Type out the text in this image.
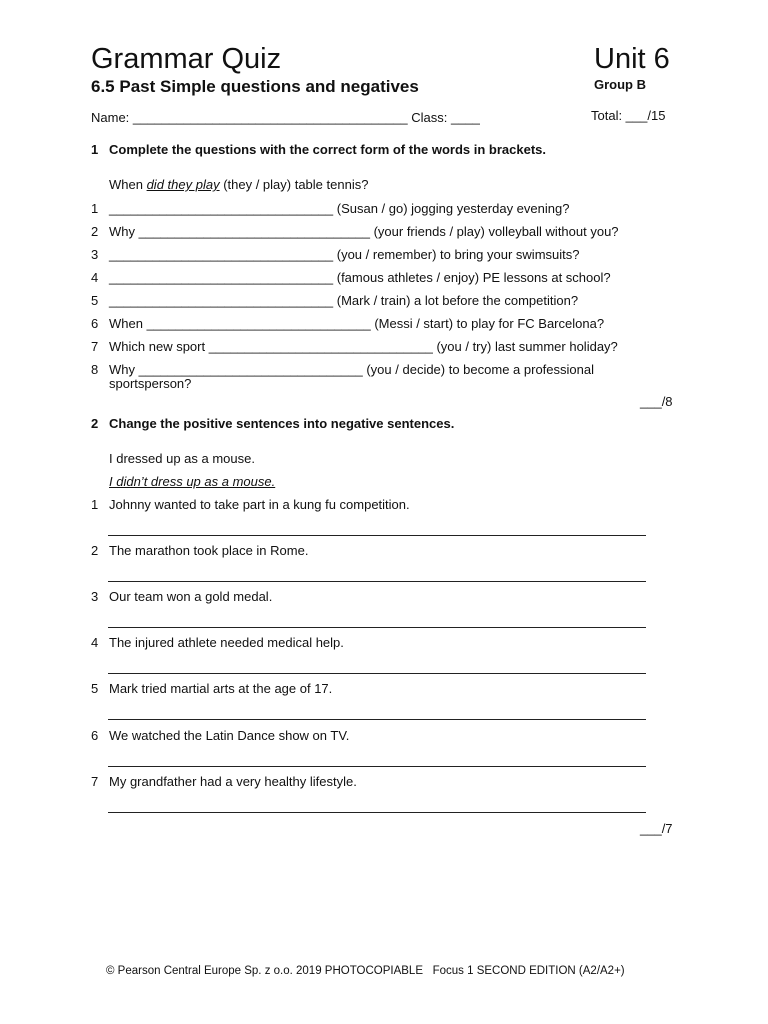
Grammar Quiz	Unit 6
6.5 Past Simple questions and negatives	Group B
Name: ______________________________________ Class: ____	Total: ___/15
1 Complete the questions with the correct form of the words in brackets.
When did they play (they / play) table tennis?
1 _______________________________ (Susan / go) jogging yesterday evening?
2 Why ________________________________ (your friends / play) volleyball without you?
3 _______________________________ (you / remember) to bring your swimsuits?
4 _______________________________ (famous athletes / enjoy) PE lessons at school?
5 _______________________________ (Mark / train) a lot before the competition?
6 When _______________________________ (Messi / start) to play for FC Barcelona?
7 Which new sport _______________________________ (you / try) last summer holiday?
8 Why _______________________________ (you / decide) to become a professional
sportsperson?
___/8
2 Change the positive sentences into negative sentences.
I dressed up as a mouse.
I didn’t dress up as a mouse.
1 Johnny wanted to take part in a kung fu competition.
2 The marathon took place in Rome.
3 Our team won a gold medal.
4 The injured athlete needed medical help.
5 Mark tried martial arts at the age of 17.
6 We watched the Latin Dance show on TV.
7 My grandfather had a very healthy lifestyle.
___/7
© Pearson Central Europe Sp. z o.o. 2019 PHOTOCOPIABLE   Focus 1 SECOND EDITION (A2/A2+)
